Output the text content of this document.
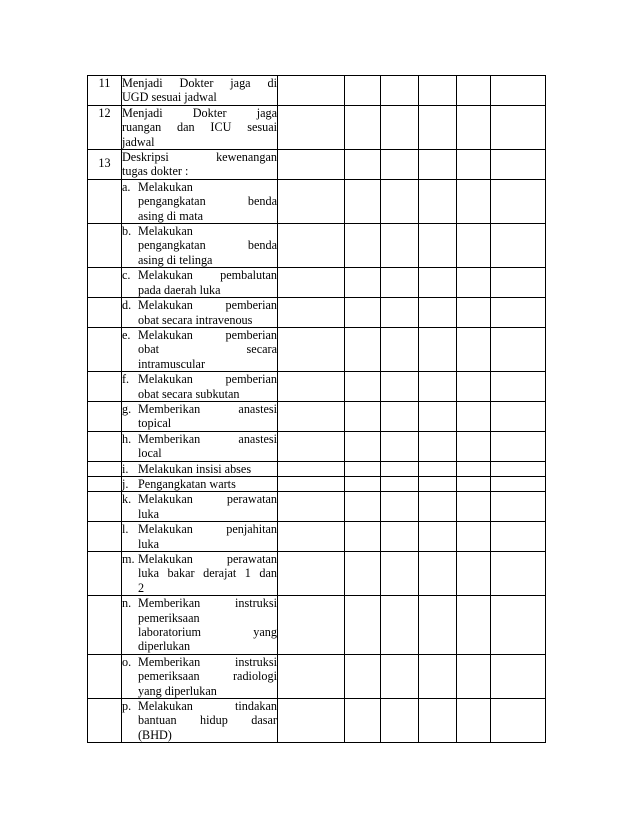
11	Menjadi Dokter jaga di
UGD sesuai jadwal						

12	Menjadi Dokter jaga
ruangan dan ICU sesuai
jadwal						

13	Deskripsi kewenangan
tugas dokter :						

	a. Melakukan
pengangkatan benda
asing di mata						

	b. Melakukan
pengangkatan benda
asing di telinga						

	c. Melakukan pembalutan
pada daerah luka						

	d. Melakukan pemberian
obat secara intravenous						

	e. Melakukan pemberian
obat secara
intramuscular						

	f. Melakukan pemberian
obat secara subkutan						

	g. Memberikan anastesi
topical						

	h. Memberikan anastesi
local						

	i. Melakukan insisi abses						

	j. Pengangkatan warts						

	k. Melakukan perawatan
luka						

	l. Melakukan penjahitan
luka						

	m. Melakukan perawatan
luka bakar derajat 1 dan
2						

	n. Memberikan instruksi
pemeriksaan
laboratorium yang
diperlukan						

	o. Memberikan instruksi
pemeriksaan radiologi
yang diperlukan						

	p. Melakukan tindakan
bantuan hidup dasar
(BHD)						
